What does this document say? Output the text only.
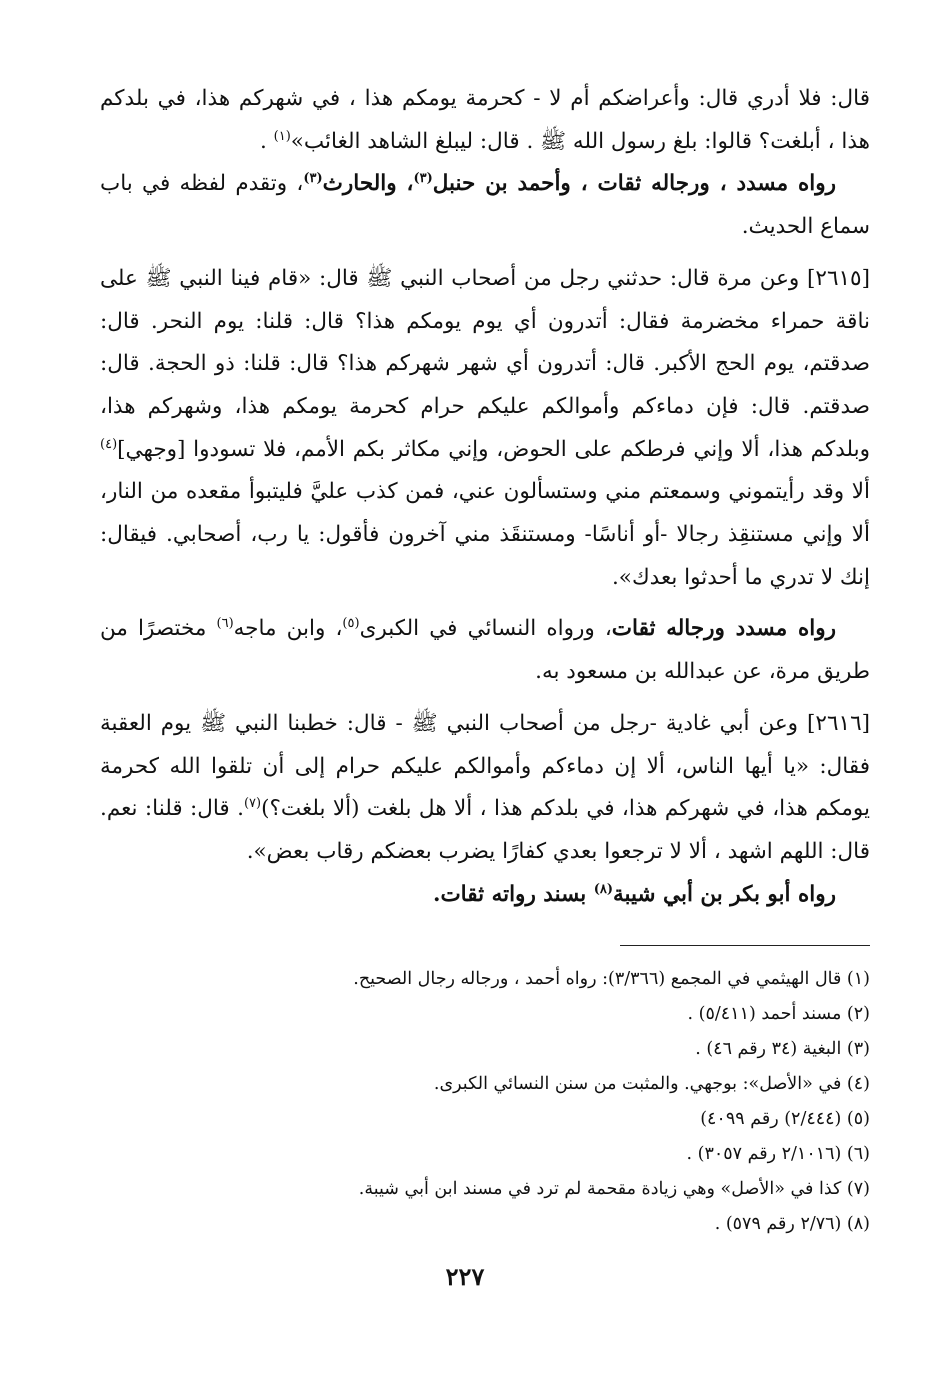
قال: فلا أدري قال: وأعراضكم أم لا - كحرمة يومكم هذا ، في شهركم هذا، في بلدكم هذا ، أبلغت؟ قالوا: بلغ رسول الله ﷺ . قال: ليبلغ الشاهد الغائب»$^{(١)}$ .

رواه مسدد ، ورجاله ثقات ، وأحمد بن حنبل$^{(٣)}$، والحارث$^{(٣)}$، وتقدم لفظه في باب سماع الحديث.

[٢٦١٥] وعن مرة قال: حدثني رجل من أصحاب النبي ﷺ قال: «قام فينا النبي ﷺ على ناقة حمراء مخضرمة فقال: أتدرون أي يوم يومكم هذا؟ قال: قلنا: يوم النحر. قال: صدقتم، يوم الحج الأكبر. قال: أتدرون أي شهر شهركم هذا؟ قال: قلنا: ذو الحجة. قال: صدقتم. قال: فإن دماءكم وأموالكم عليكم حرام كحرمة يومكم هذا، وشهركم هذا، وبلدكم هذا، ألا وإني فرطكم على الحوض، وإني مكاثر بكم الأمم، فلا تسودوا [وجهي]$^{(٤)}$ ألا وقد رأيتموني وسمعتم مني وستسألون عني، فمن كذب عليَّ فليتبوأ مقعده من النار، ألا وإني مستنقِذ رجالا -أو أناسًا- ومستنقَذ مني آخرون فأقول: يا رب، أصحابي. فيقال: إنك لا تدري ما أحدثوا بعدك».

رواه مسدد ورجاله ثقات، ورواه النسائي في الكبرى$^{(٥)}$، وابن ماجه$^{(٦)}$ مختصرًا من طريق مرة، عن عبدالله بن مسعود به.

[٢٦١٦] وعن أبي غادية -رجل من أصحاب النبي ﷺ - قال: خطبنا النبي ﷺ يوم العقبة فقال: «يا أيها الناس، ألا إن دماءكم وأموالكم عليكم حرام إلى أن تلقوا الله كحرمة يومكم هذا، في شهركم هذا، في بلدكم هذا ، ألا هل بلغت (ألا بلغت؟)$^{(٧)}$. قال: قلنا: نعم. قال: اللهم اشهد ، ألا لا ترجعوا بعدي كفارًا يضرب بعضكم رقاب بعض».

رواه أبو بكر بن أبي شيبة$^{(٨)}$ بسند رواته ثقات.

(١) قال الهيثمي في المجمع (٣/٣٦٦): رواه أحمد ، ورجاله رجال الصحيح.

(٢) مسند أحمد (٥/٤١١) .

(٣) البغية (٣٤ رقم ٤٦) .

(٤) في «الأصل»: بوجهي. والمثبت من سنن النسائي الكبرى.

(٥) (٢/٤٤٤) رقم ٤٠٩٩)

(٦) (٢/١٠١٦ رقم ٣٠٥٧) .

(٧) كذا في «الأصل» وهي زيادة مقحمة لم ترد في مسند ابن أبي شيبة.

(٨) (٢/٧٦ رقم ٥٧٩) .

٢٢٧
